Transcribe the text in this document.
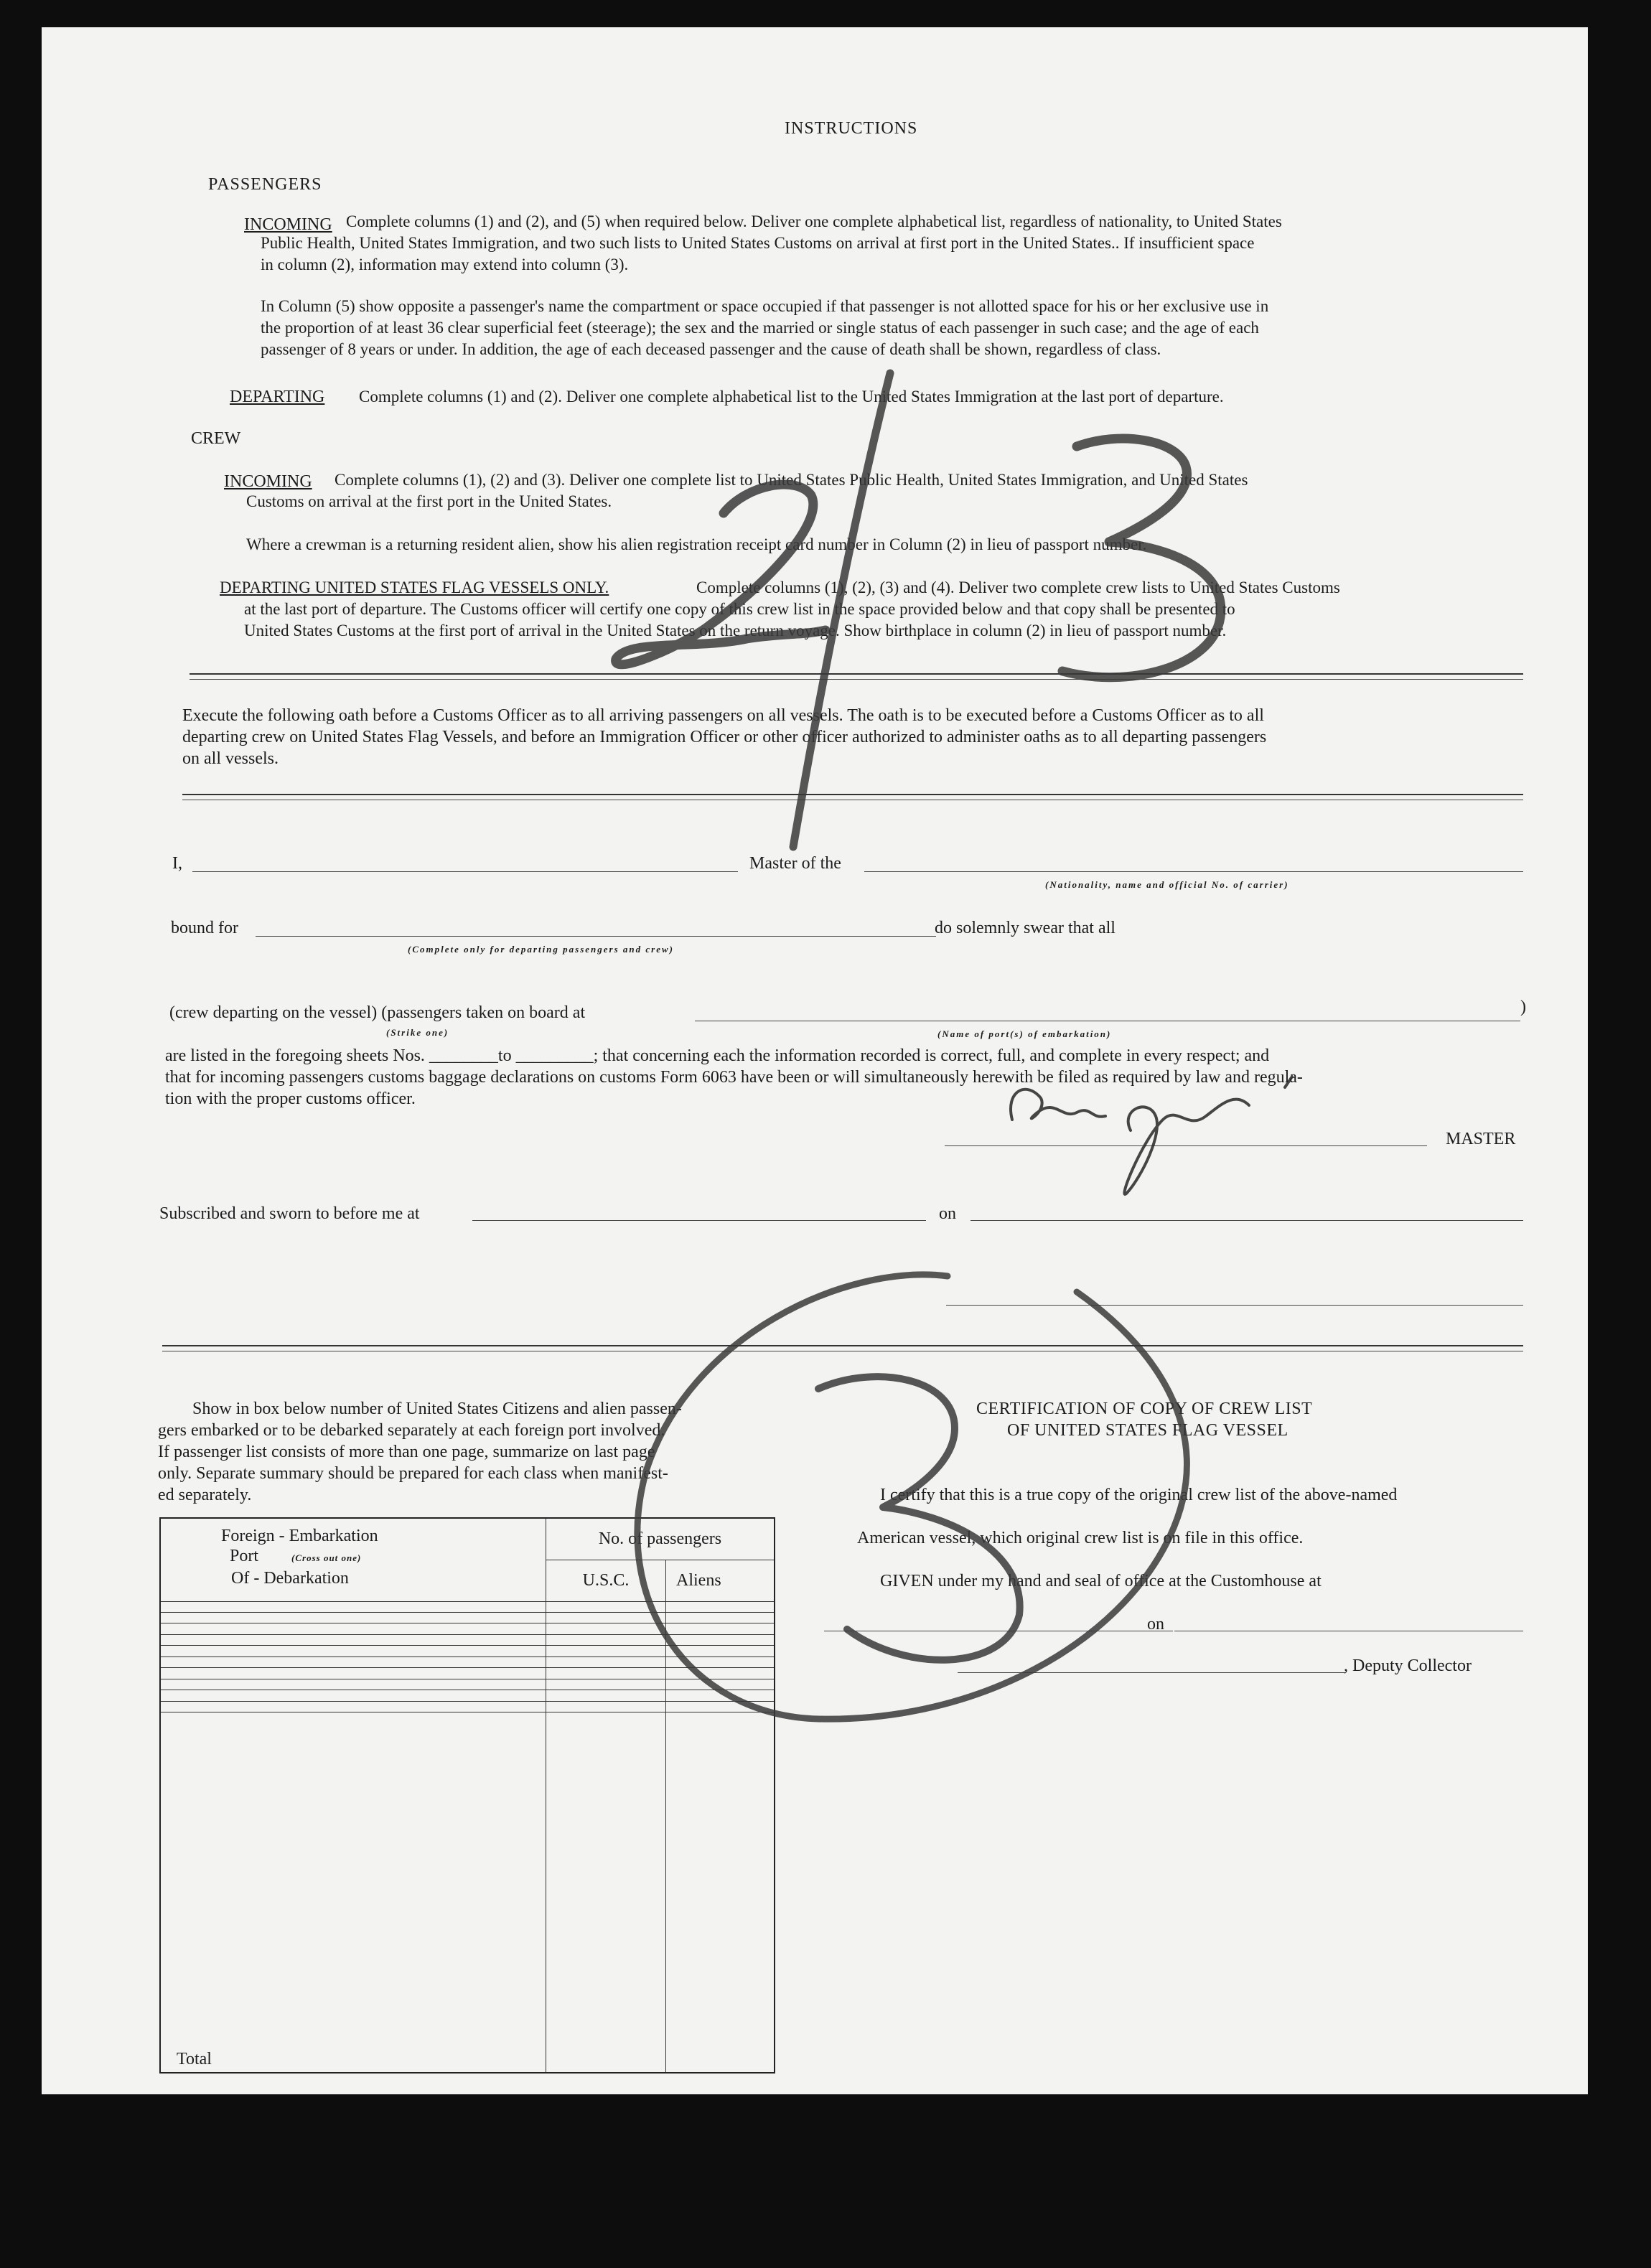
INSTRUCTIONS
PASSENGERS
INCOMING Complete columns (1) and (2), and (5) when required below. Deliver one complete alphabetical list, regardless of nationality, to United States
Public Health, United States Immigration, and two such lists to United States Customs on arrival at first port in the United States.. If insufficient space
in column (2), information may extend into column (3).
In Column (5) show opposite a passenger's name the compartment or space occupied if that passenger is not allotted space for his or her exclusive use in
the proportion of at least 36 clear superficial feet (steerage); the sex and the married or single status of each passenger in such case; and the age of each
passenger of 8 years or under. In addition, the age of each deceased passenger and the cause of death shall be shown, regardless of class.
DEPARTING Complete columns (1) and (2). Deliver one complete alphabetical list to the United States Immigration at the last port of departure.
CREW
INCOMING Complete columns (1), (2) and (3). Deliver one complete list to United States Public Health, United States Immigration, and United States
Customs on arrival at the first port in the United States.
Where a crewman is a returning resident alien, show his alien registration receipt card number in Column (2) in lieu of passport number.
DEPARTING UNITED STATES FLAG VESSELS ONLY.	Complete columns (1), (2), (3) and (4). Deliver two complete crew lists to United States Customs
at the last port of departure. The Customs officer will certify one copy of this crew list in the space provided below and that copy shall be presented to
United States Customs at the first port of arrival in the United States on the return voyage. Show birthplace in column (2) in lieu of passport number.
Execute the following oath before a Customs Officer as to all arriving passengers on all vessels. The oath is to be executed before a Customs Officer as to all
departing crew on United States Flag Vessels, and before an Immigration Officer or other officer authorized to administer oaths as to all departing passengers
on all vessels.
I,	Master of the
(Nationality, name and official No. of carrier)
bound for	do solemnly swear that all
(Complete only for departing passengers and crew)
(crew departing on the vessel) (passengers taken on board at	)
(Strike one)	(Name of port(s) of embarkation)
are listed in the foregoing sheets Nos. ________to _________; that concerning each the information recorded is correct, full, and complete in every respect; and
that for incoming passengers customs baggage declarations on customs Form 6063 have been or will simultaneously herewith be filed as required by law and regula-
tion with the proper customs officer.
MASTER
Subscribed and sworn to before me at	on
Show in box below number of United States Citizens and alien passen-
gers embarked or to be debarked separately at each foreign port involved.
If passenger list consists of more than one page, summarize on last page
only. Separate summary should be prepared for each class when manifest-
ed separately.
CERTIFICATION OF COPY OF CREW LIST
OF UNITED STATES FLAG VESSEL
I certify that this is a true copy of the original crew list of the above-named
American vessel, which original crew list is on file in this office.
GIVEN under my hand and seal of office at the Customhouse at
on
, Deputy Collector
Foreign - Embarkation
Port (Cross out one)
Of - Debarkation	No. of passengers	
	U.S.C.	Aliens

Total		
